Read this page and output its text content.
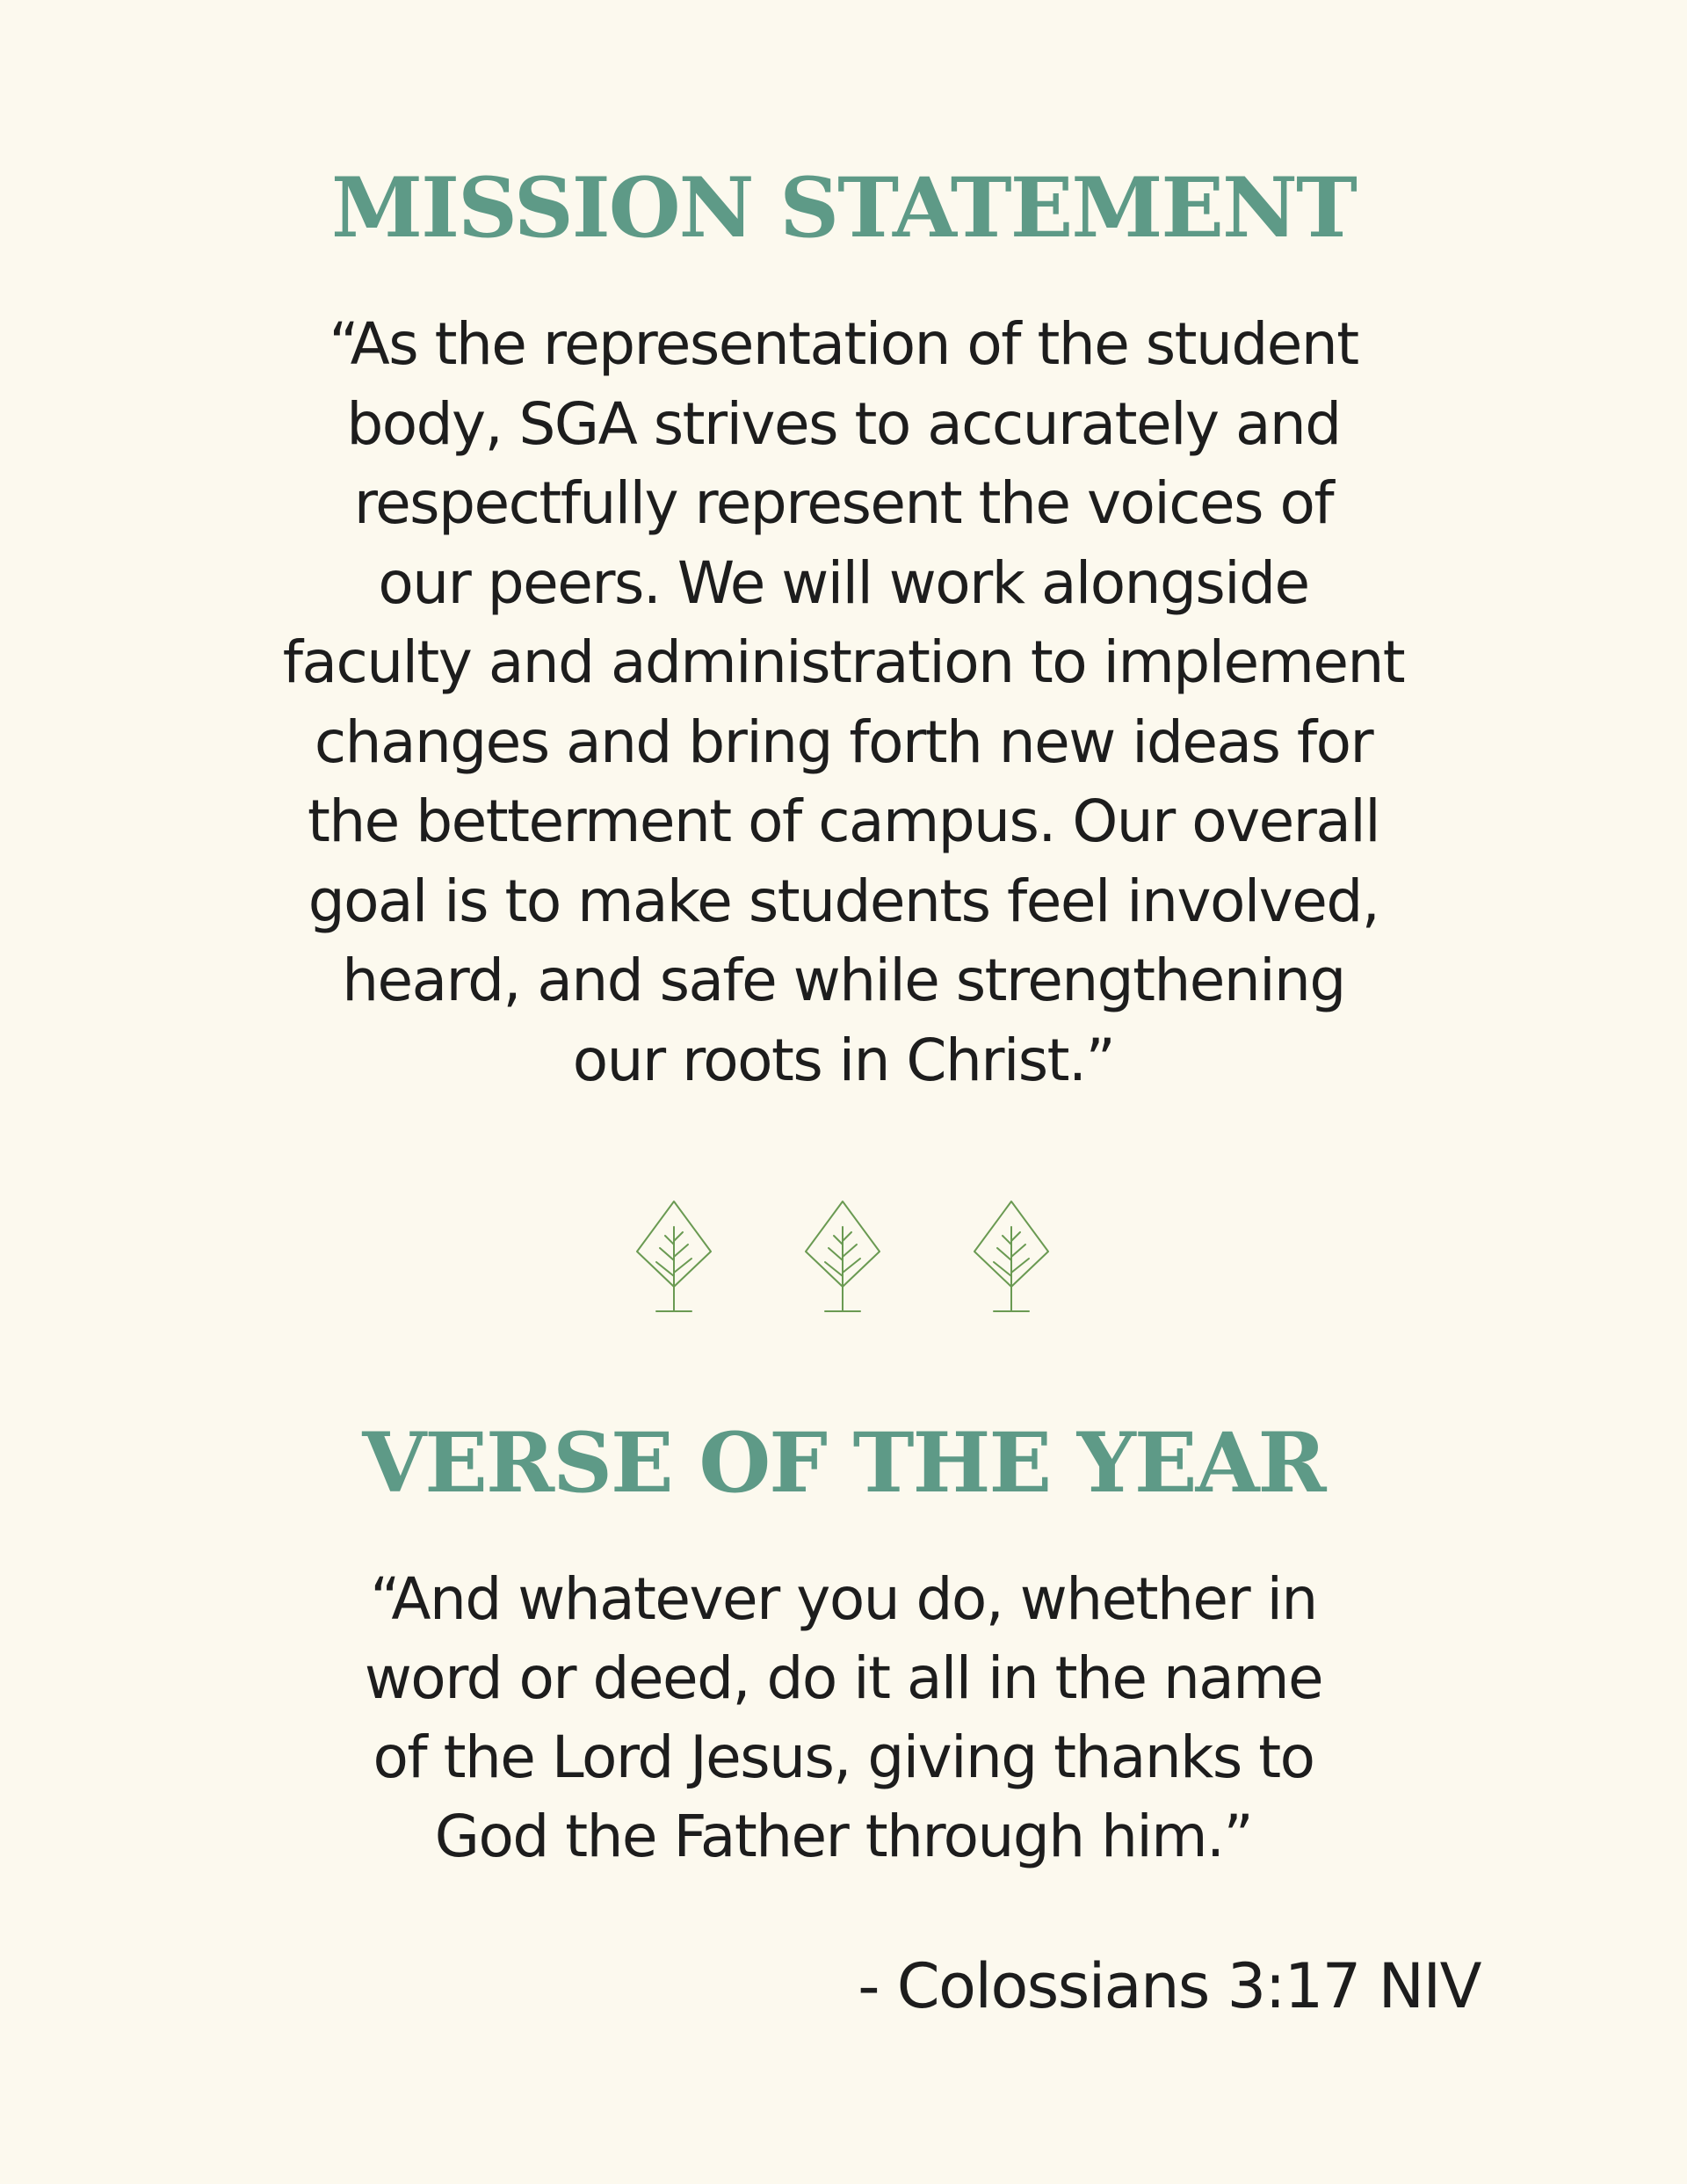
MISSION STATEMENT

“As the representation of the student
body, SGA strives to accurately and
respectfully represent the voices of
our peers. We will work alongside
faculty and administration to implement
changes and bring forth new ideas for
the betterment of campus. Our overall
goal is to make students feel involved,
heard, and safe while strengthening
our roots in Christ.”

VERSE OF THE YEAR

“And whatever you do, whether in
word or deed, do it all in the name
of the Lord Jesus, giving thanks to
God the Father through him.”

- Colossians 3:17 NIV
